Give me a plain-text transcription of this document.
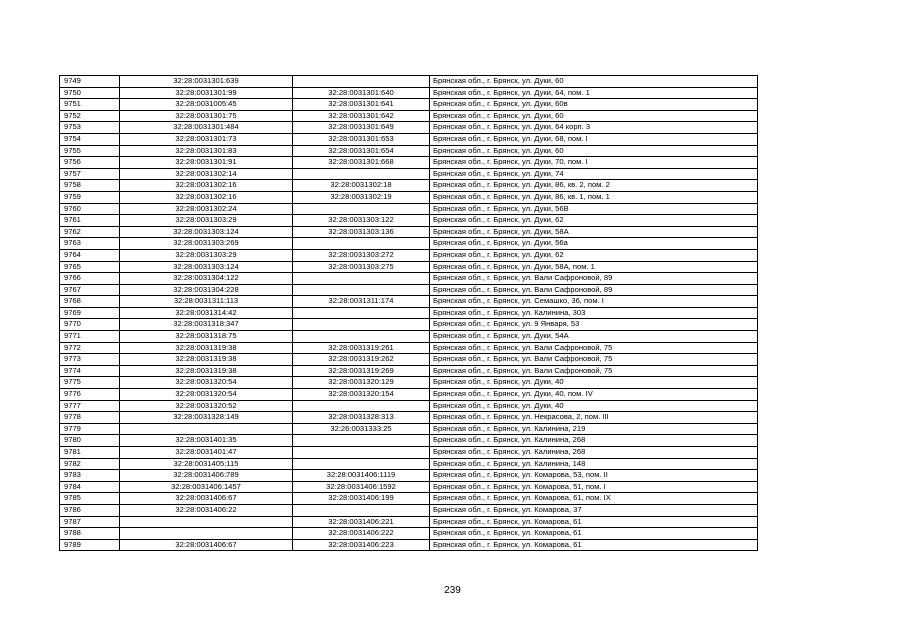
9749	32:28:0031301:639		Брянская обл., г. Брянск, ул. Дуки, 60
9750	32:28:0031301:99	32:28:0031301:640	Брянская обл., г. Брянск, ул. Дуки, 64, пом. 1
9751	32:28:0031005:45	32:28:0031301:641	Брянская обл., г. Брянск, ул. Дуки, 60в
9752	32:28:0031301:75	32:28:0031301:642	Брянская обл., г. Брянск, ул. Дуки, 60
9753	32:28:0031301:484	32:28:0031301:649	Брянская обл., г. Брянск, ул. Дуки, 64 корп. 3
9754	32:28:0031301:73	32:28:0031301:653	Брянская обл., г. Брянск, ул. Дуки, 68, пом. I
9755	32:28:0031301:83	32:28:0031301:654	Брянская обл., г. Брянск, ул. Дуки, 60
9756	32:28:0031301:91	32:28:0031301:668	Брянская обл., г. Брянск, ул. Дуки, 70, пом. I
9757	32:28:0031302:14		Брянская обл., г. Брянск, ул. Дуки, 74
9758	32:28:0031302:16	32:28:0031302:18	Брянская обл., г. Брянск, ул. Дуки, 86, кв. 2, пом. 2
9759	32:28:0031302:16	32:28:0031302:19	Брянская обл., г. Брянск, ул. Дуки, 86, кв. 1, пом. 1
9760	32:28:0031302:24		Брянская обл., г. Брянск, ул. Дуки, 56В
9761	32:28:0031303:29	32:28:0031303:122	Брянская обл., г. Брянск, ул. Дуки, 62
9762	32:28:0031303:124	32:28:0031303:136	Брянская обл., г. Брянск, ул. Дуки, 58А
9763	32:28:0031303:269		Брянская обл., г. Брянск, ул. Дуки, 56а
9764	32:28:0031303:29	32:28:0031303:272	Брянская обл., г. Брянск, ул. Дуки, 62
9765	32:28:0031303:124	32:28:0031303:275	Брянская обл., г. Брянск, ул. Дуки, 58А, пом. 1
9766	32:28:0031304:122		Брянская обл., г. Брянск, ул. Вали Сафроновой, 89
9767	32:28:0031304:228		Брянская обл., г. Брянск, ул. Вали Сафроновой, 89
9768	32:28:0031311:113	32:28:0031311:174	Брянская обл., г. Брянск, ул. Семашко, 36, пом. I
9769	32:28:0031314:42		Брянская обл., г. Брянск, ул. Калинина, 303
9770	32:28:0031318:347		Брянская обл., г. Брянск, ул. 9 Января, 53
9771	32:28:0031318:75		Брянская обл., г. Брянск, ул. Дуки, 54А
9772	32:28:0031319:38	32:28:0031319:261	Брянская обл., г. Брянск, ул. Вали Сафроновой, 75
9773	32:28:0031319:38	32:28:0031319:262	Брянская обл., г. Брянск, ул. Вали Сафроновой, 75
9774	32:28:0031319:38	32:28:0031319:269	Брянская обл., г. Брянск, ул. Вали Сафроновой, 75
9775	32:28:0031320:54	32:28:0031320:129	Брянская обл., г. Брянск, ул. Дуки, 40
9776	32:28:0031320:54	32:28:0031320:154	Брянская обл., г. Брянск, ул. Дуки, 40, пом. IV
9777	32:28:0031320:52		Брянская обл., г. Брянск, ул. Дуки, 40
9778	32:28:0031328:149	32:28:0031328:313	Брянская обл., г. Брянск, ул. Некрасова, 2, пом. III
9779		32:26:0031333:25	Брянская обл., г. Брянск, ул. Калинина, 219
9780	32:28:0031401:35		Брянская обл., г. Брянск, ул. Калинина, 268
9781	32:28:0031401:47		Брянская обл., г. Брянск, ул. Калинина, 268
9782	32:28:0031405:115		Брянская обл., г. Брянск, ул. Калинина, 148
9783	32:28:0031406:789	32:28:0031406:1119	Брянская обл., г. Брянск, ул. Комарова, 53, пом. II
9784	32:28:0031406:1457	32:28:0031406:1592	Брянская обл., г. Брянск, ул. Комарова, 51, пом. I
9785	32:28:0031406:67	32:28:0031406:199	Брянская обл., г. Брянск, ул. Комарова, 61, пом. IX
9786	32:28:0031406:22		Брянская обл., г. Брянск, ул. Комарова, 37
9787		32:28:0031406:221	Брянская обл., г. Брянск, ул. Комарова, 61
9788		32:28:0031406:222	Брянская обл., г. Брянск, ул. Комарова, 61
9789	32:28:0031406:67	32:28:0031406:223	Брянская обл., г. Брянск, ул. Комарова, 61
239
